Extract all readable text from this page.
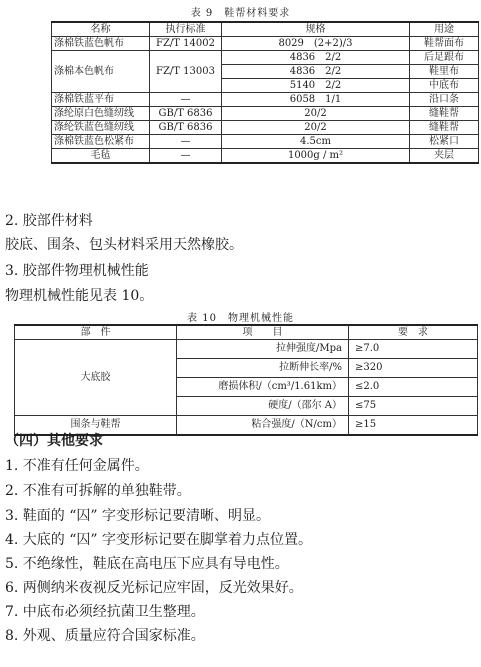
表 9　鞋帮材料要求
名称	执行标准	规格	用途
涤棉铁蓝色帆布	FZ/T 14002	8029　(2+2)/3	鞋帮面布
涤棉本色帆布	FZ/T 13003	4836　2/2	后足跟布
		4836　2/2	鞋里布
		5140　2/2	中底布
涤棉铁蓝平布	—	6058　1/1	沿口条
涤纶原白色缝纫线	GB/T 6836	20/2	缝鞋帮
涤纶铁蓝色缝纫线	GB/T 6836	20/2	缝鞋帮
涤棉铁蓝色松紧布	—	4.5cm	松紧口
毛毡	—	1000g / m²	夹层
2. 胶部件材料
胶底、围条、包头材料采用天然橡胶。
3. 胶部件物理机械性能
物理机械性能见表 10。
表 10　物理机械性能
部　件	项　　目	要　求
大底胶	拉伸强度/Mpa	≥7.0
	拉断伸长率/%	≥320
	磨损体积/（cm³/1.61km）	≤2.0
	硬度/（邵尔 A）	≤75
围条与鞋帮	粘合强度/（N/cm）	≥15
（四）其他要求
1. 不准有任何金属件。
2. 不准有可拆解的单独鞋带。
3. 鞋面的 “囚” 字变形标记要清晰、明显。
4. 大底的 “囚” 字变形标记要在脚掌着力点位置。
5. 不绝缘性，鞋底在高电压下应具有导电性。
6. 两侧纳米夜视反光标记应牢固，反光效果好。
7. 中底布必须经抗菌卫生整理。
8. 外观、质量应符合国家标准。
